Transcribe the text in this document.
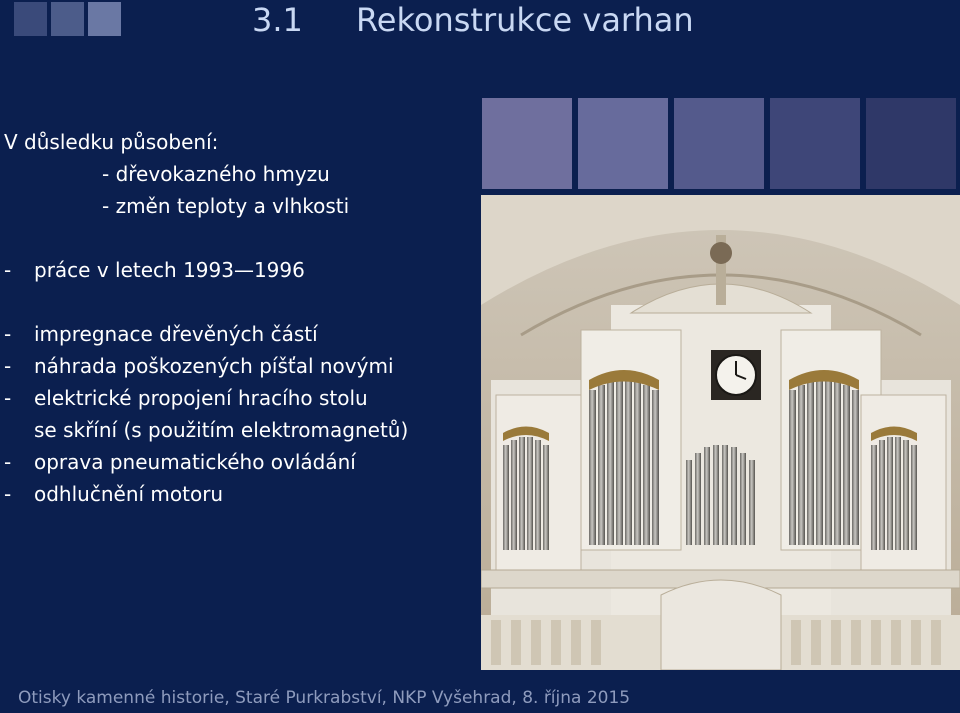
3.1 Rekonstrukce varhan
V důsledku působení:
- dřevokazného hmyzu
- změn teploty a vlhkosti
- práce v letech 1993—1996
- impregnace dřevěných částí
- náhrada poškozených píšťal novými
- elektrické propojení hracího stolu
se skříní (s použitím elektromagnetů)
- oprava pneumatického ovládání
- odhlučnění motoru
Otisky kamenné historie, Staré Purkrabství, NKP Vyšehrad, 8. října 2015
